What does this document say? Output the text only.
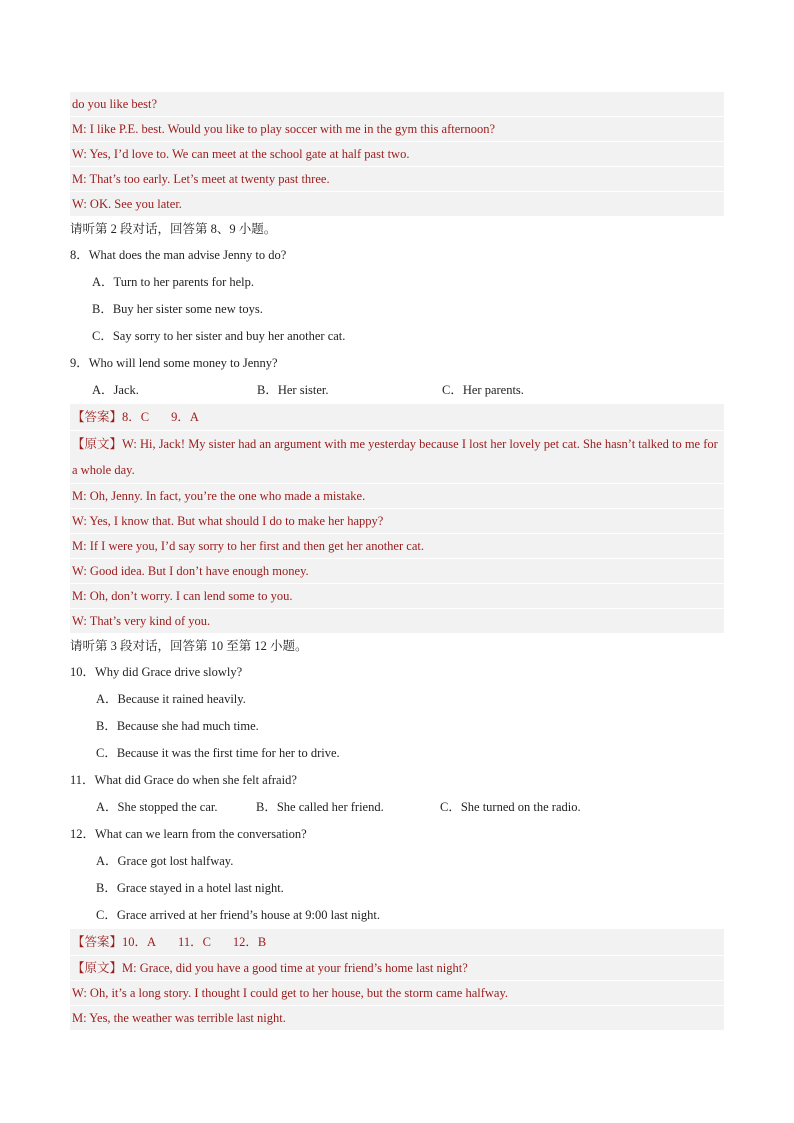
do you like best?
M: I like P.E. best. Would you like to play soccer with me in the gym this afternoon?
W: Yes, I’d love to. We can meet at the school gate at half past two.
M: That’s too early. Let’s meet at twenty past three.
W: OK. See you later.
请听第 2 段对话，回答第 8、9 小题。
8．What does the man advise Jenny to do?
A．Turn to her parents for help.
B．Buy her sister some new toys.
C．Say sorry to her sister and buy her another cat.
9．Who will lend some money to Jenny?
A．Jack.	B．Her sister.	C．Her parents.
【答案】8．C 9．A
【原文】W: Hi, Jack! My sister had an argument with me yesterday because I lost her lovely pet cat. She hasn’t talked to me for a whole day.
M: Oh, Jenny. In fact, you’re the one who made a mistake.
W: Yes, I know that. But what should I do to make her happy?
M: If I were you, I’d say sorry to her first and then get her another cat.
W: Good idea. But I don’t have enough money.
M: Oh, don’t worry. I can lend some to you.
W: That’s very kind of you.
请听第 3 段对话，回答第 10 至第 12 小题。
10．Why did Grace drive slowly?
A．Because it rained heavily.
B．Because she had much time.
C．Because it was the first time for her to drive.
11．What did Grace do when she felt afraid?
A．She stopped the car.	B．She called her friend.	C．She turned on the radio.
12．What can we learn from the conversation?
A．Grace got lost halfway.
B．Grace stayed in a hotel last night.
C．Grace arrived at her friend’s house at 9:00 last night.
【答案】10．A 11．C 12．B
【原文】M: Grace, did you have a good time at your friend’s home last night?
W: Oh, it’s a long story. I thought I could get to her house, but the storm came halfway.
M: Yes, the weather was terrible last night.
